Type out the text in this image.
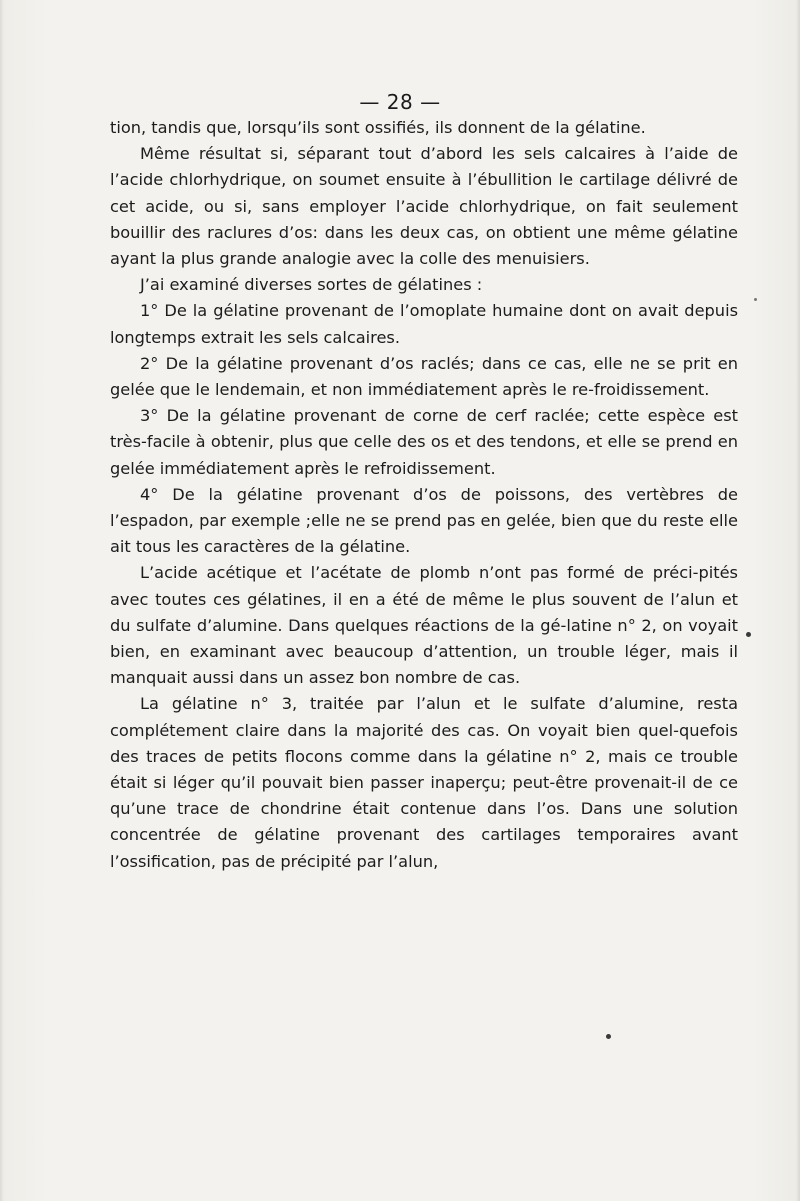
— 28 —

tion, tandis que, lorsqu’ils sont ossifiés, ils donnent de la gélatine.

Même résultat si, séparant tout d’abord les sels calcaires à l’aide de l’acide chlorhydrique, on soumet ensuite à l’ébullition le cartilage délivré de cet acide, ou si, sans employer l’acide chlorhydrique, on fait seulement bouillir des raclures d’os: dans les deux cas, on obtient une même gélatine ayant la plus grande analogie avec la colle des menuisiers.

J’ai examiné diverses sortes de gélatines :

1° De la gélatine provenant de l’omoplate humaine dont on avait depuis longtemps extrait les sels calcaires.

2° De la gélatine provenant d’os raclés; dans ce cas, elle ne se prit en gelée que le lendemain, et non immédiatement après le re-froidissement.

3° De la gélatine provenant de corne de cerf raclée; cette espèce est très-facile à obtenir, plus que celle des os et des tendons, et elle se prend en gelée immédiatement après le refroidissement.

4° De la gélatine provenant d’os de poissons, des vertèbres de l’espadon, par exemple ;elle ne se prend pas en gelée, bien que du reste elle ait tous les caractères de la gélatine.

L’acide acétique et l’acétate de plomb n’ont pas formé de préci-pités avec toutes ces gélatines, il en a été de même le plus souvent de l’alun et du sulfate d’alumine. Dans quelques réactions de la gé-latine n° 2, on voyait bien, en examinant avec beaucoup d’attention, un trouble léger, mais il manquait aussi dans un assez bon nombre de cas.

La gélatine n° 3, traitée par l’alun et le sulfate d’alumine, resta complétement claire dans la majorité des cas. On voyait bien quel-quefois des traces de petits flocons comme dans la gélatine n° 2, mais ce trouble était si léger qu’il pouvait bien passer inaperçu; peut-être provenait-il de ce qu’une trace de chondrine était contenue dans l’os. Dans une solution concentrée de gélatine provenant des cartilages temporaires avant l’ossification, pas de précipité par l’alun,
